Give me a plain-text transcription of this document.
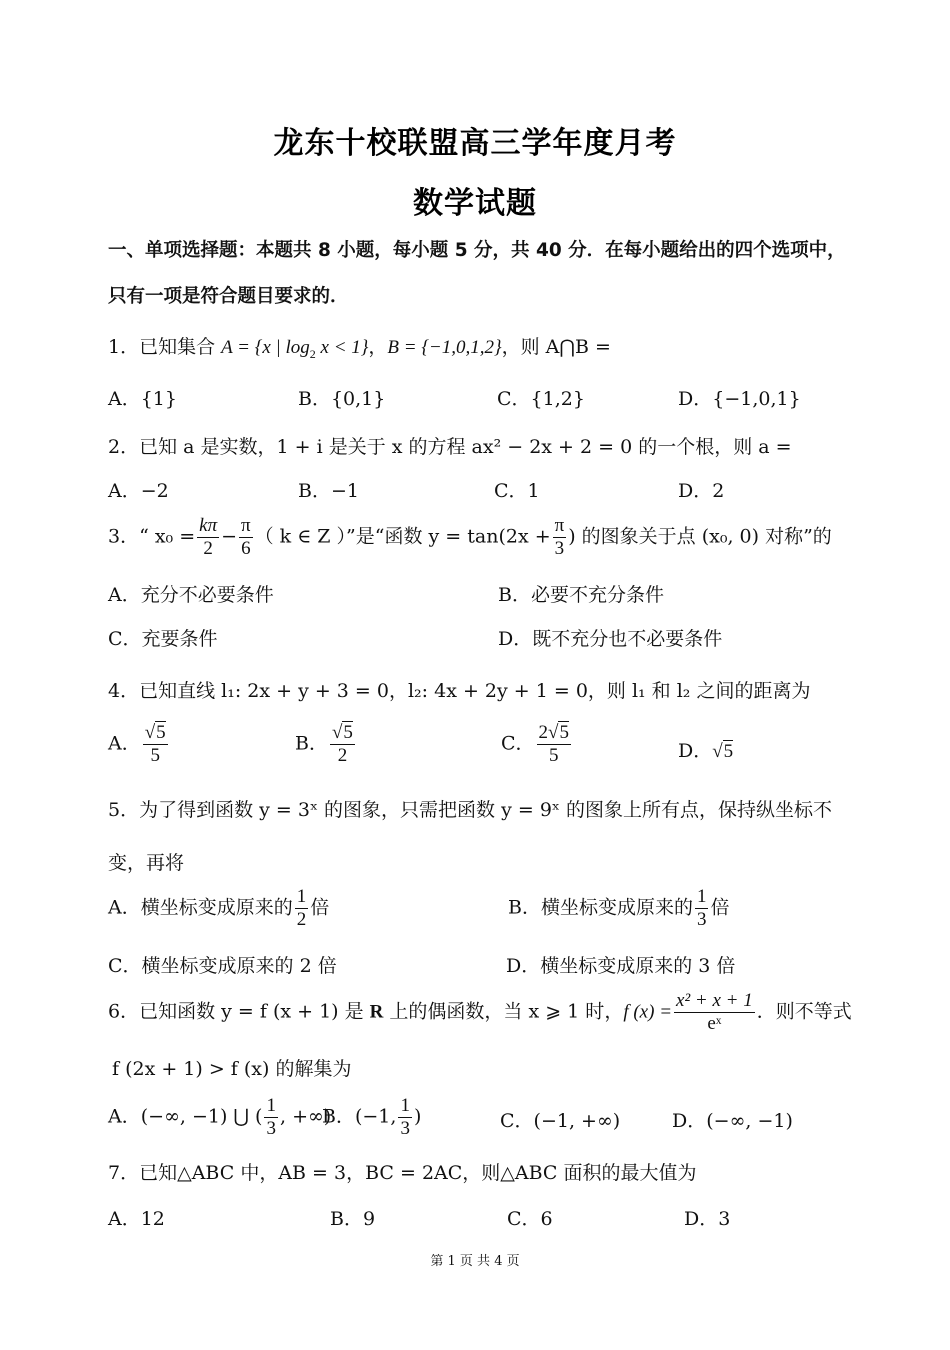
龙东十校联盟高三学年度月考
数学试题
一、单项选择题：本题共 8 小题，每小题 5 分，共 40 分．在每小题给出的四个选项中，只有一项是符合题目要求的．
1．已知集合 A = {x | $\log_2 x < 1$}，B = {−1,0,1,2}，则 A⋂B =
A．{1}	B．{0,1}	C．{1,2}	D．{−1,0,1}
2．已知 a 是实数，1 + i 是关于 x 的方程 ax² − 2x + 2 = 0 的一个根，则 a =
A．−2	B．−1	C．1	D．2
3．“ $x_0 = \frac{k\pi}{2} - \frac{\pi}{6}$ （ k ∈ Z ）”是“函数 $y = \tan(2x + \frac{\pi}{3}$ ) 的图象关于点 (x₀, 0) 对称”的
A．充分不必要条件	B．必要不充分条件
C．充要条件	D．既不充分也不必要条件
4．已知直线 l₁: 2x + y + 3 = 0，l₂: 4x + 2y + 1 = 0，则 l₁ 和 l₂ 之间的距离为
A． $\frac{√5}{5}$	B． $\frac{√5}{2}$	C． $\frac{2√5}{5}$	D．√5
5．为了得到函数 y = 3ˣ 的图象，只需把函数 y = 9ˣ 的图象上所有点，保持纵坐标不
变，再将
A．横坐标变成原来的 $\frac{1}{2}$ 倍	B．横坐标变成原来的 $\frac{1}{3}$ 倍
C．横坐标变成原来的 2 倍	D．横坐标变成原来的 3 倍
6．已知函数 y = f (x + 1) 是 R 上的偶函数，当 x ⩾ 1 时，f $(x) = \frac{\text{x² + x + 1}}{\text{eˣ}}$ ．则不等式
f (2x + 1) > f (x) 的解集为
A．(−∞, −1) ⋃ ( $\frac{1}{3}$ , +∞)
B．(−1, $\frac{1}{3}$ )	C．(−1, +∞)	D．(−∞, −1)
7．已知△ABC 中，AB = 3，BC = 2AC，则△ABC 面积的最大值为
A．12	B．9	C．6	D．3
第 1 页 共 4 页
